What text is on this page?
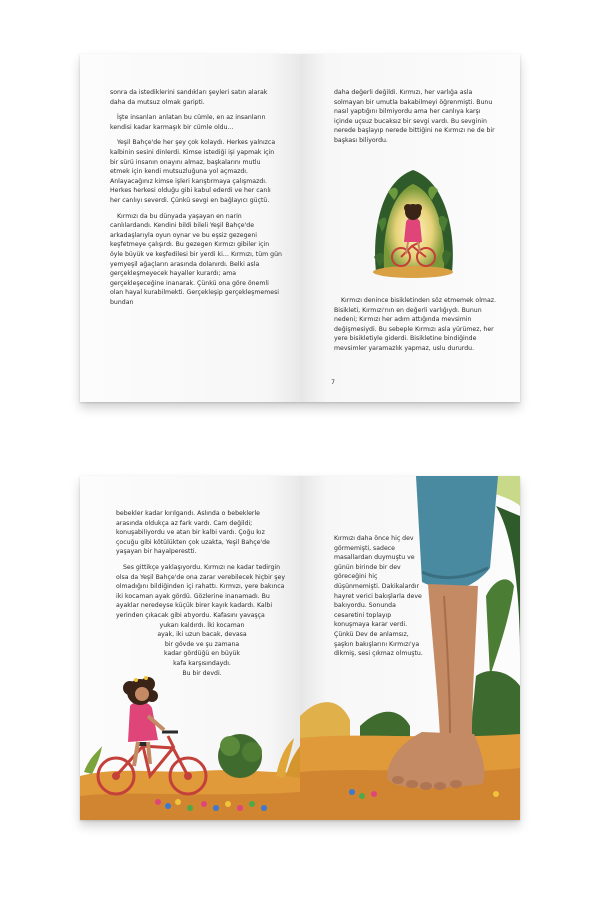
sonra da istediklerini sandıkları şeyleri satın alarak daha da mutsuz olmak garipti.

İşte insanları anlatan bu cümle, en az insanların kendisi kadar karmaşık bir cümle oldu…

Yeşil Bahçe'de her şey çok kolaydı. Herkes yalnızca kalbinin sesini dinlerdi. Kimse istediği işi yapmak için bir sürü insanın onayını almaz, başkalarını mutlu etmek için kendi mutsuzluğuna yol açmazdı. Anlayacağınız kimse işleri karıştırmaya çalışmazdı. Herkes herkesi olduğu gibi kabul ederdi ve her canlı her canlıyı severdi. Çünkü sevgi en bağlayıcı güçtü.

Kırmızı da bu dünyada yaşayan en narin canlılardandı. Kendini bildi bileli Yeşil Bahçe'de arkadaşlarıyla oyun oynar ve bu eşsiz gezegeni keşfetmeye çalışırdı. Bu gezegen Kırmızı gibiler için öyle büyük ve keşfedilesi bir yerdi ki… Kırmızı, tüm gün yemyeşil ağaçların arasında dolanırdı. Belki asla gerçekleşmeyecek hayaller kurardı; ama gerçekleşeceğine inanarak. Çünkü ona göre önemli olan hayal kurabilmekti. Gerçekleşip gerçekleşmemesi bundan

daha değerli değildi. Kırmızı, her varlığa asla solmayan bir umutla bakabilmeyi öğrenmişti. Bunu nasıl yaptığını bilmiyordu ama her canlıya karşı içinde uçsuz bucaksız bir sevgi vardı. Bu sevginin nerede başlayıp nerede bittiğini ne Kırmızı ne de bir başkası biliyordu.

Kırmızı denince bisikletinden söz etmemek olmaz. Bisikleti, Kırmızı'nın en değerli varlığıydı. Bunun nedeni; Kırmızı her adım attığında mevsimin değişmesiydi. Bu sebeple Kırmızı asla yürümez, her yere bisikletiyle giderdi. Bisikletine bindiğinde mevsimler yaramazlık yapmaz, uslu dururdu.

7

bebekler kadar kırılgandı. Aslında o bebeklerle arasında oldukça az fark vardı. Cam değildi; konuşabiliyordu ve atan bir kalbi vardı. Çoğu kız çocuğu gibi kötülükten çok uzakta, Yeşil Bahçe'de yaşayan bir hayalperestti.

Ses gittikçe yaklaşıyordu. Kırmızı ne kadar tedirgin olsa da Yeşil Bahçe'de ona zarar verebilecek hiçbir şey olmadığını bildiğinden içi rahattı. Kırmızı, yere bakınca iki kocaman ayak gördü. Gözlerine inanamadı. Bu ayaklar neredeyse küçük birer kayık kadardı. Kalbi yerinden çıkacak gibi atıyordu. Kafasını yavaşça

yukarı kaldırdı. İki kocaman

ayak, iki uzun bacak, devasa

bir gövde ve şu zamana

kadar gördüğü en büyük

kafa karşısındaydı.

Bu bir devdi.

Kırmızı daha önce hiç dev görmemişti, sadece masallardan duymuştu ve günün birinde bir dev göreceğini hiç düşünmemişti. Dakikalardır hayret verici bakışlarla deve bakıyordu. Sonunda cesaretini toplayıp konuşmaya karar verdi. Çünkü Dev de anlamsız, şaşkın bakışlarını Kırmızı'ya dikmiş, sesi çıkmaz olmuştu.
